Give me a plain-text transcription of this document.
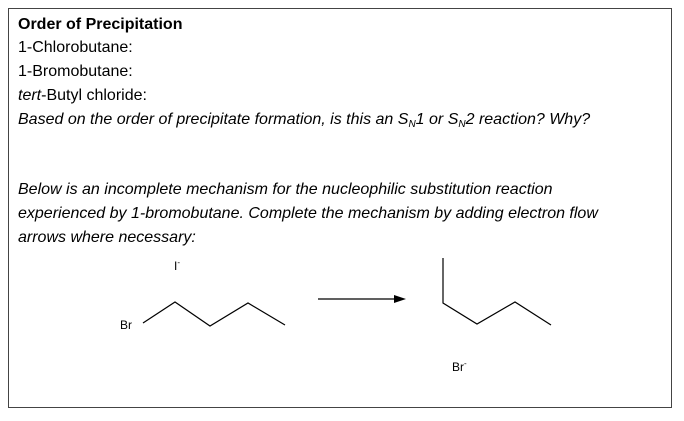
Order of Precipitation
1-Chlorobutane:
1-Bromobutane:
tert-Butyl chloride:
Based on the order of precipitate formation, is this an $S_N1$ or $S_N2$ reaction? Why?
Below is an incomplete mechanism for the nucleophilic substitution reaction
experienced by 1-bromobutane. Complete the mechanism by adding electron flow
arrows where necessary:
I-
Br
Br-
